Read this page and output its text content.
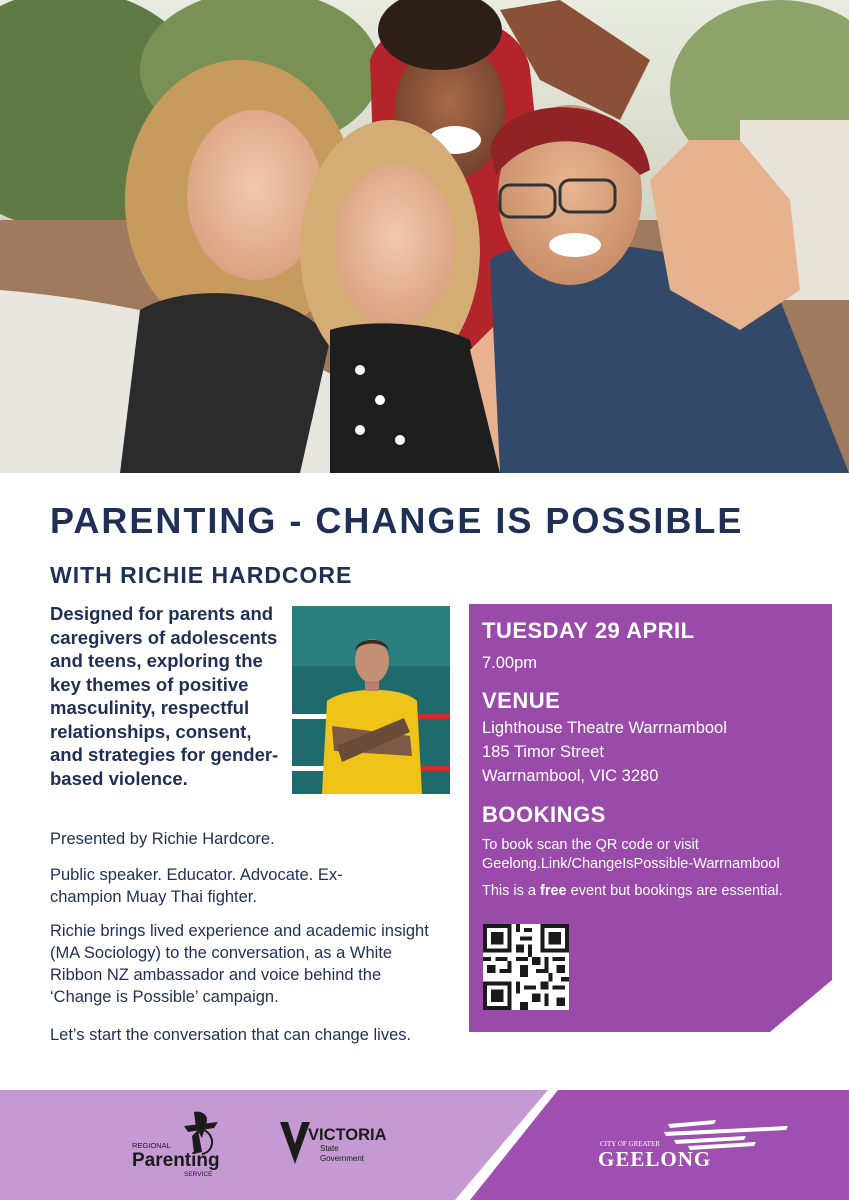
PARENTING - CHANGE IS POSSIBLE
WITH RICHIE HARDCORE
Designed for parents and caregivers of adolescents and teens, exploring the key themes of positive masculinity, respectful relationships, consent, and strategies for gender-based violence.
Presented by Richie Hardcore.
Public speaker. Educator. Advocate. Ex-champion Muay Thai fighter.
Richie brings lived experience and academic insight (MA Sociology) to the conversation, as a White Ribbon NZ ambassador and voice behind the ‘Change is Possible’ campaign.
Let’s start the conversation that can change lives.
TUESDAY 29 APRIL
7.00pm
VENUE
Lighthouse Theatre Warrnambool
185 Timor Street
Warrnambool, VIC 3280
BOOKINGS
To book scan the QR code or visit
Geelong.Link/ChangeIsPossible-Warrnambool
This is a free event but bookings are essential.
REGIONAL
Parenting
SERVICE
VICTORIA
State
Government
CITY OF GREATER
GEELONG
